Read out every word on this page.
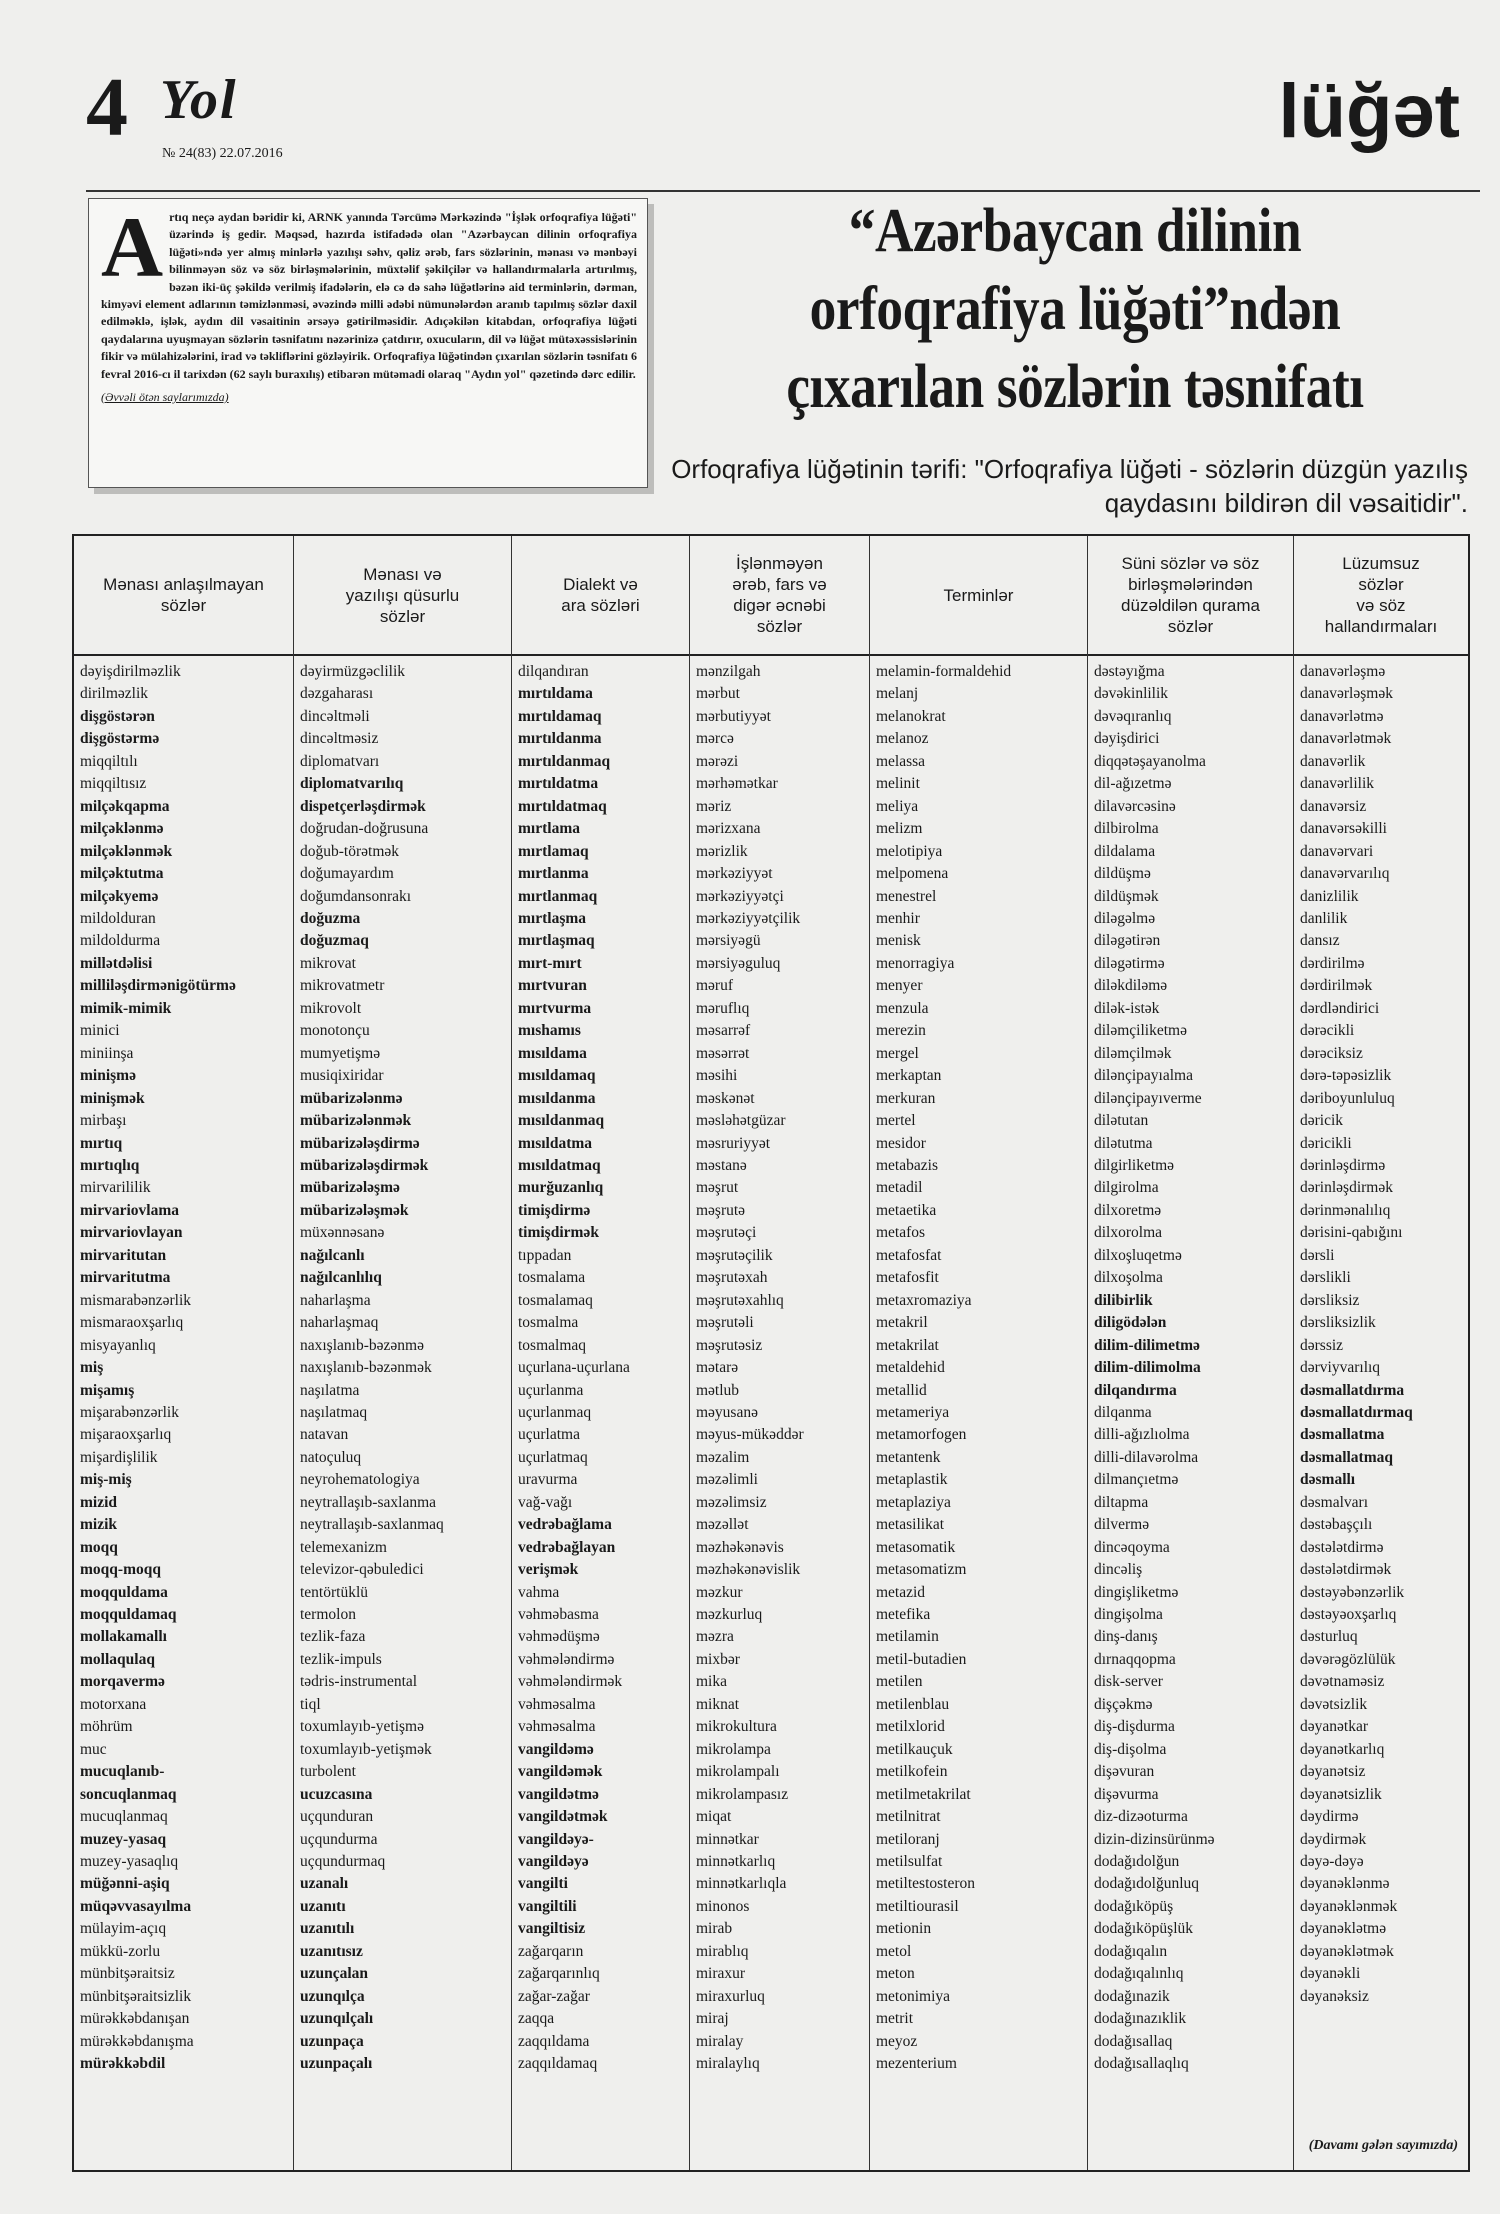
4 Yol
№ 24(83) 22.07.2016	lüğət
A rtıq neçə aydan bəridir ki, ARNK yanında Tərcümə Mərkəzində "İşlək orfoqrafiya lüğəti" üzərində iş gedir. Məqsəd, hazırda istifadədə olan "Azərbaycan dilinin orfoqrafiya lüğəti»ndə yer almış minlərlə yazılışı səhv, qəliz ərəb, fars sözlərinin, mənası və mənbəyi bilinməyən söz və söz birləşmələrinin, müxtəlif şəkilçilər və hallandırmalarla artırılmış, bəzən iki-üç şəkildə verilmiş ifadələrin, elə cə də sahə lüğətlərinə aid terminlərin, dərman, kimyəvi element adlarının təmizlənməsi, əvəzində milli ədəbi nümunələrdən aranıb tapılmış sözlər daxil edilməklə, işlək, aydın dil vəsaitinin ərsəyə gətirilməsidir. Adıçəkilən kitabdan, orfoqrafiya lüğəti qaydalarına uyuşmayan sözlərin təsnifatını nəzərinizə çatdırır, oxucuların, dil və lüğət mütəxəssislərinin fikir və mülahizələrini, irad və təkliflərini gözləyirik. Orfoqrafiya lüğətindən çıxarılan sözlərin təsnifatı 6 fevral 2016-cı il tarixdən (62 saylı buraxılış) etibarən mütəmadi olaraq "Aydın yol" qəzetində dərc edilir.
(Əvvəli ötən saylarımızda)
“Azərbaycan dilinin
orfoqrafiya lüğəti”ndən
çıxarılan sözlərin təsnifatı
Orfoqrafiya lüğətinin tərifi: "Orfoqrafiya lüğəti - sözlərin düzgün yazılış qaydasını bildirən dil vəsaitidir".
Mənası anlaşılmayan
sözlər
dəyişdirilməzlik
dirilməzlik
dişgöstərən
dişgöstərmə
miqqiltılı
miqqiltısız
milçəkqapma
milçəklənmə
milçəklənmək
milçəktutma
milçəkyemə
mildolduran
mildoldurma
millətdəlisi
milliləşdirmənigötürmə
mimik-mimik
minici
miniinşa
minişmə
minişmək
mirbaşı
mırtıq
mırtıqlıq
mirvarililik
mirvariovlama
mirvariovlayan
mirvaritutan
mirvaritutma
mismarabənzərlik
mismaraoxşarlıq
misyayanlıq
miş
mişamış
mişarabənzərlik
mişaraoxşarlıq
mişardişlilik
miş-miş
mizid
mizik
moqq
moqq-moqq
moqquldama
moqquldamaq
mollakamallı
mollaqulaq
morqavermə
motorxana
möhrüm
muc
mucuqlanıb-
soncuqlanmaq
mucuqlanmaq
muzey-yasaq
muzey-yasaqlıq
müğənni-aşiq
müqəvvasayılma
mülayim-açıq
mükkü-zorlu
münbitşəraitsiz
münbitşəraitsizlik
mürəkkəbdanışan
mürəkkəbdanışma
mürəkkəbdil
Mənası və
yazılışı qüsurlu
sözlər
dəyirmüzgəclilik
dəzgaharası
dincəltməli
dincəltməsiz
diplomatvarı
diplomatvarılıq
dispetçerləşdirmək
doğrudan-doğrusuna
doğub-törətmək
doğumayardım
doğumdansonrakı
doğuzma
doğuzmaq
mikrovat
mikrovatmetr
mikrovolt
monotonçu
mumyetişmə
musiqixiridar
mübarizələnmə
mübarizələnmək
mübarizələşdirmə
mübarizələşdirmək
mübarizələşmə
mübarizələşmək
müxənnəsanə
nağılcanlı
nağılcanlılıq
naharlaşma
naharlaşmaq
naxışlanıb-bəzənmə
naxışlanıb-bəzənmək
naşılatma
naşılatmaq
natavan
natoçuluq
neyrohematologiya
neytrallaşıb-saxlanma
neytrallaşıb-saxlanmaq
telemexanizm
televizor-qəbuledici
tentörtüklü
termolon
tezlik-faza
tezlik-impuls
tədris-instrumental
tiql
toxumlayıb-yetişmə
toxumlayıb-yetişmək
turbolent
ucuzcasına
uçqunduran
uçqundurma
uçqundurmaq
uzanalı
uzanıtı
uzanıtılı
uzanıtısız
uzunçalan
uzunqılça
uzunqılçalı
uzunpaça
uzunpaçalı
Dialekt və
ara sözləri
dilqandıran
mırtıldama
mırtıldamaq
mırtıldanma
mırtıldanmaq
mırtıldatma
mırtıldatmaq
mırtlama
mırtlamaq
mırtlanma
mırtlanmaq
mırtlaşma
mırtlaşmaq
mırt-mırt
mırtvuran
mırtvurma
mıshamıs
mısıldama
mısıldamaq
mısıldanma
mısıldanmaq
mısıldatma
mısıldatmaq
murğuzanlıq
timişdirmə
timişdirmək
tıppadan
tosmalama
tosmalamaq
tosmalma
tosmalmaq
uçurlana-uçurlana
uçurlanma
uçurlanmaq
uçurlatma
uçurlatmaq
uravurma
vağ-vağı
vedrəbağlama
vedrəbağlayan
verişmək
vahma
vəhməbasma
vəhmədüşmə
vəhmələndirmə
vəhmələndirmək
vəhməsalma
vəhməsalma
vangildəmə
vangildəmək
vangildətmə
vangildətmək
vangildəyə-
vangildəyə
vangilti
vangiltili
vangiltisiz
zağarqarın
zağarqarınlıq
zağar-zağar
zaqqa
zaqqıldama
zaqqıldamaq
İşlənməyən
ərəb, fars və
digər əcnəbi
sözlər
mənzilgah
mərbut
mərbutiyyət
mərcə
mərəzi
mərhəmətkar
məriz
mərizxana
mərizlik
mərkəziyyət
mərkəziyyətçi
mərkəziyyətçilik
mərsiyəgü
mərsiyəguluq
məruf
məruflıq
məsarrəf
məsərrət
məsihi
məskənət
məsləhətgüzar
məsruriyyət
məstanə
məşrut
məşrutə
məşrutəçi
məşrutəçilik
məşrutəxah
məşrutəxahlıq
məşrutəli
məşrutəsiz
mətarə
mətlub
məyusanə
məyus-mükəddər
məzalim
məzəlimli
məzəlimsiz
məzəllət
məzhəkənəvis
məzhəkənəvislik
məzkur
məzkurluq
məzra
mixbər
mika
miknat
mikrokultura
mikrolampa
mikrolampalı
mikrolampasız
miqat
minnətkar
minnətkarlıq
minnətkarlıqla
minonos
mirab
mirablıq
miraxur
miraxurluq
miraj
miralay
miralaylıq
Terminlər
melamin-formaldehid
melanj
melanokrat
melanoz
melassa
melinit
meliya
melizm
melotipiya
melpomena
menestrel
menhir
menisk
menorragiya
menyer
menzula
merezin
mergel
merkaptan
merkuran
mertel
mesidor
metabazis
metadil
metaetika
metafos
metafosfat
metafosfit
metaxromaziya
metakril
metakrilat
metaldehid
metallid
metameriya
metamorfogen
metantenk
metaplastik
metaplaziya
metasilikat
metasomatik
metasomatizm
metazid
metefika
metilamin
metil-butadien
metilen
metilenblau
metilxlorid
metilkauçuk
metilkofein
metilmetakrilat
metilnitrat
metiloranj
metilsulfat
metiltestosteron
metiltiourasil
metionin
metol
meton
metonimiya
metrit
meyoz
mezenterium
Süni sözlər və söz
birləşmələrindən
düzəldilən qurama
sözlər
dəstəyığma
dəvəkinlilik
dəvəqıranlıq
dəyişdirici
diqqətəşayanolma
dil-ağızetmə
dilavərcəsinə
dilbirolma
dildalama
dildüşmə
dildüşmək
diləgəlmə
diləgətirən
diləgətirmə
diləkdiləmə
dilək-istək
diləmçiliketmə
diləmçilmək
dilənçipayıalma
dilənçipayıverme
dilətutan
dilətutma
dilgirliketmə
dilgirolma
dilxoretmə
dilxorolma
dilxoşluqetmə
dilxoşolma
dilibirlik
diligödələn
dilim-dilimetmə
dilim-dilimolma
dilqandırma
dilqanma
dilli-ağızlıolma
dilli-dilavərolma
dilmançıetmə
diltapma
dilvermə
dincəqoyma
dincəliş
dingişliketmə
dingişolma
dinş-danış
dırnaqqopma
disk-server
dişçəkmə
diş-dişdurma
diş-dişolma
dişəvuran
dişəvurma
diz-dizəoturma
dizin-dizinsürünmə
dodağıdolğun
dodağıdolğunluq
dodağıköpüş
dodağıköpüşlük
dodağıqalın
dodağıqalınlıq
dodağınazik
dodağınazıklik
dodağısallaq
dodağısallaqlıq
Lüzumsuz
sözlər
və söz
hallandırmaları
danavərləşmə
danavərləşmək
danavərlətmə
danavərlətmək
danavərlik
danavərlilik
danavərsiz
danavərsəkilli
danavərvari
danavərvarılıq
danizlilik
danlilik
dansız
dərdirilmə
dərdirilmək
dərdləndirici
dərəcikli
dərəciksiz
dərə-təpəsizlik
dəriboyunluluq
dəricik
dəricikli
dərinləşdirmə
dərinləşdirmək
dərinmənalılıq
dərisini-qabığını
dərsli
dərslikli
dərsliksiz
dərsliksizlik
dərssiz
dərviyvarılıq
dəsmallatdırma
dəsmallatdırmaq
dəsmallatma
dəsmallatmaq
dəsmallı
dəsmalvarı
dəstəbaşçılı
dəstələtdirmə
dəstələtdirmək
dəstəyəbənzərlik
dəstəyəoxşarlıq
dəsturluq
dəvərəgözlülük
dəvətnaməsiz
dəvətsizlik
dəyanətkar
dəyanətkarlıq
dəyanətsiz
dəyanətsizlik
dəydirmə
dəydirmək
dəyə-dəyə
dəyanəklənmə
dəyanəklənmək
dəyanəklətmə
dəyanəklətmək
dəyanəkli
dəyanəksiz
(Davamı gələn sayımızda)
